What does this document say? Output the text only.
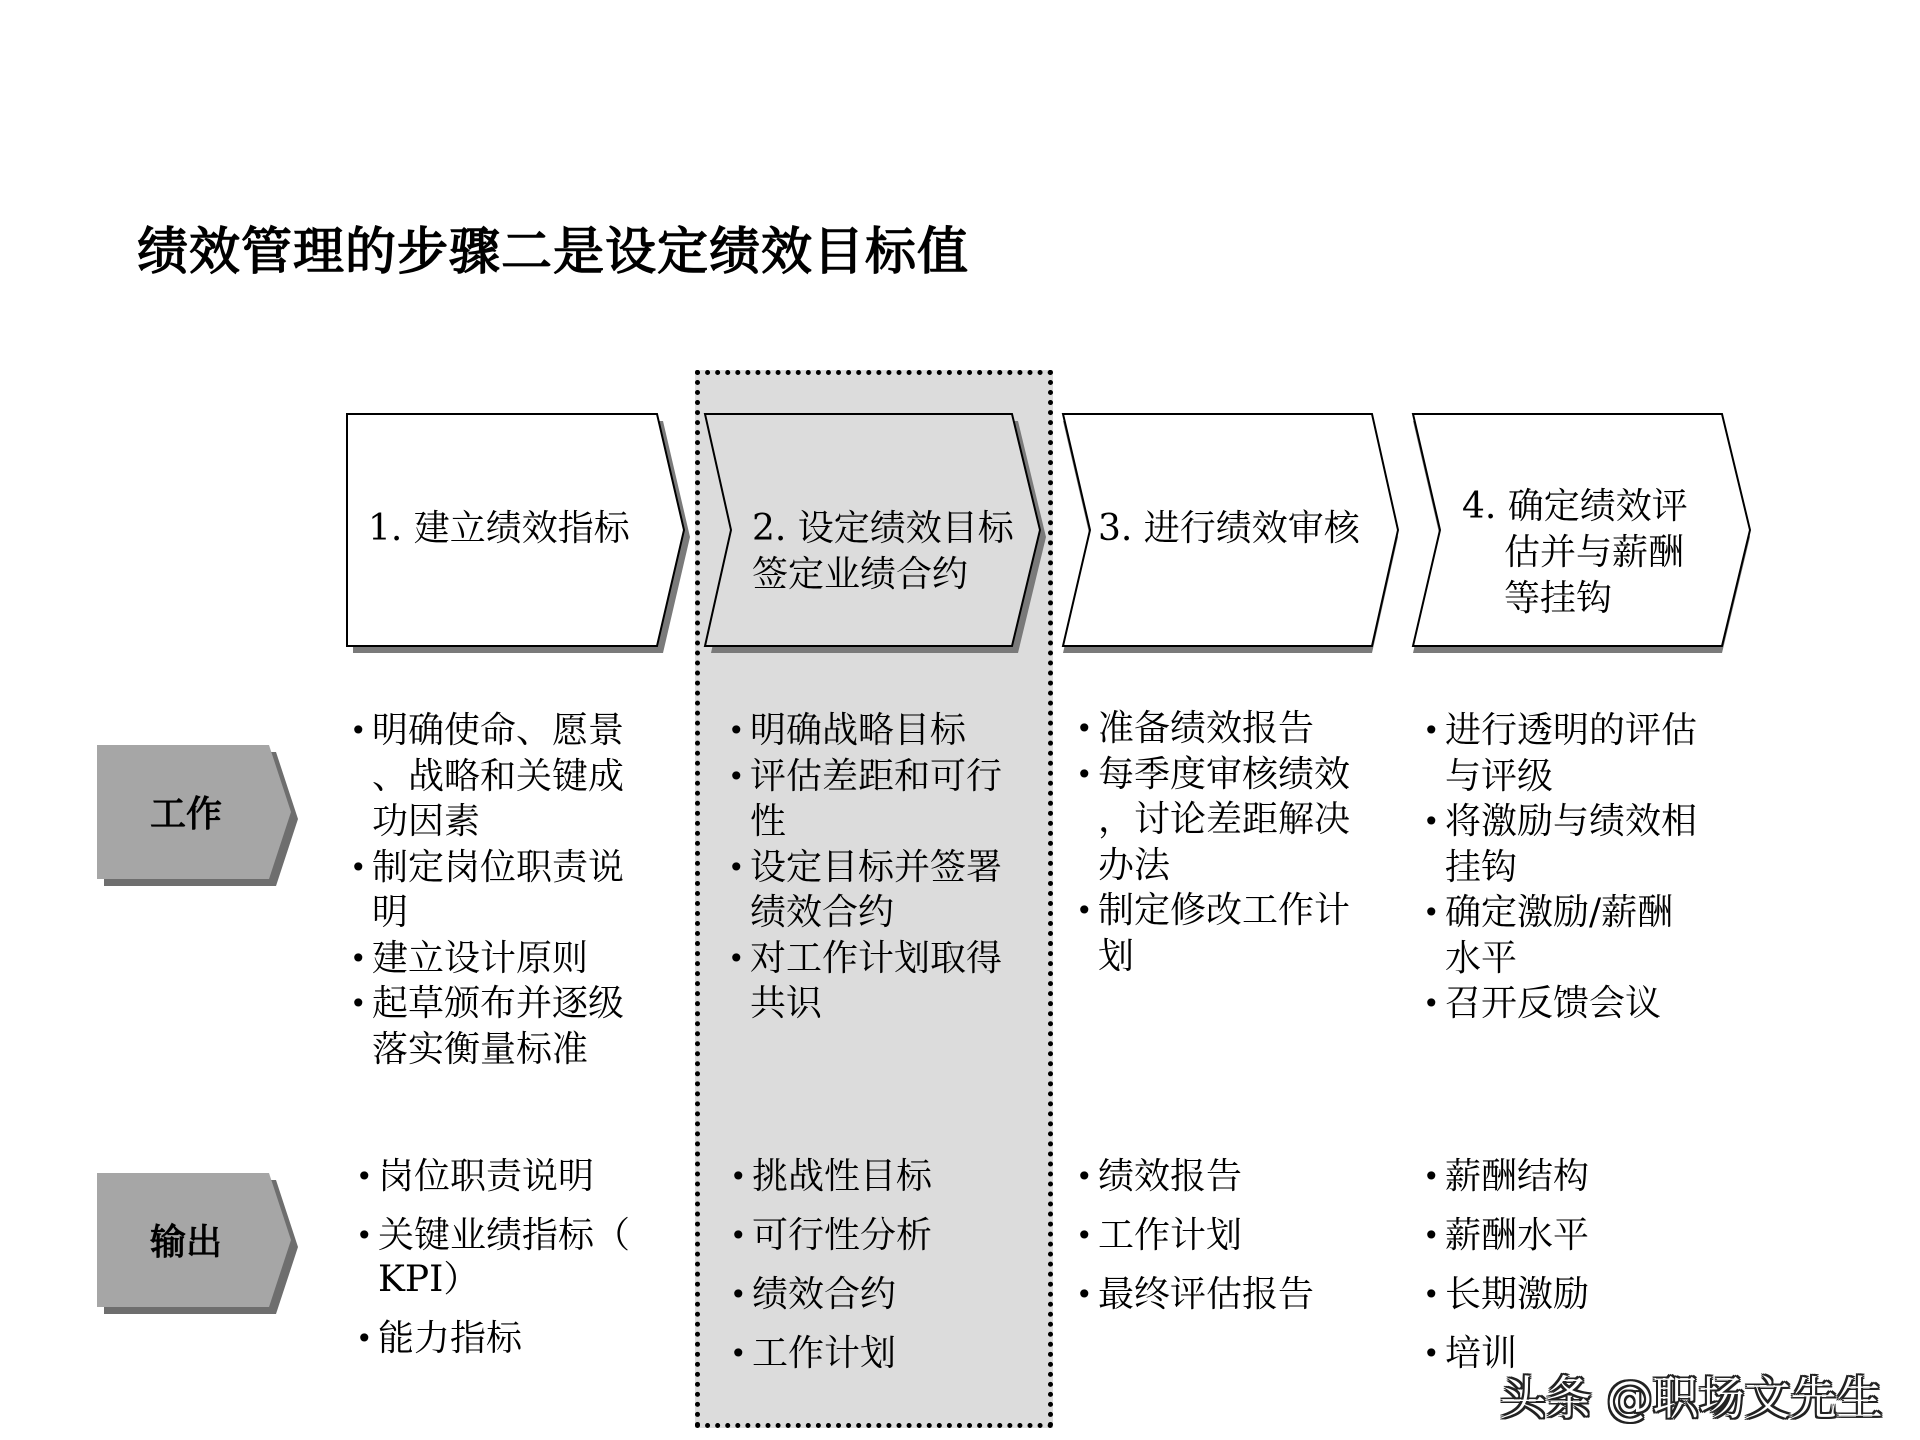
绩效管理的步骤二是设定绩效目标值
1. 建立绩效指标	2. 设定绩效目标
签定业绩合约
3. 进行绩效审核
4. 确定绩效评
估并与薪酬
等挂钩
工作
输出
• 明确使命、愿景
、战略和关键成
功因素
• 制定岗位职责说
明
• 建立设计原则
• 起草颁布并逐级
落实衡量标准
• 明确战略目标
• 评估差距和可行
性
• 设定目标并签署
绩效合约
• 对工作计划取得
共识
• 准备绩效报告
• 每季度审核绩效
，讨论差距解决
办法
• 制定修改工作计
划
• 进行透明的评估
与评级
• 将激励与绩效相
挂钩
• 确定激励/薪酬
水平
• 召开反馈会议
• 岗位职责说明
• 关键业绩指标（
KPI）
• 能力指标
• 挑战性目标
• 可行性分析
• 绩效合约
• 工作计划
• 绩效报告
• 工作计划
• 最终评估报告
• 薪酬结构
• 薪酬水平
• 长期激励
• 培训
头条 @职场文先生
